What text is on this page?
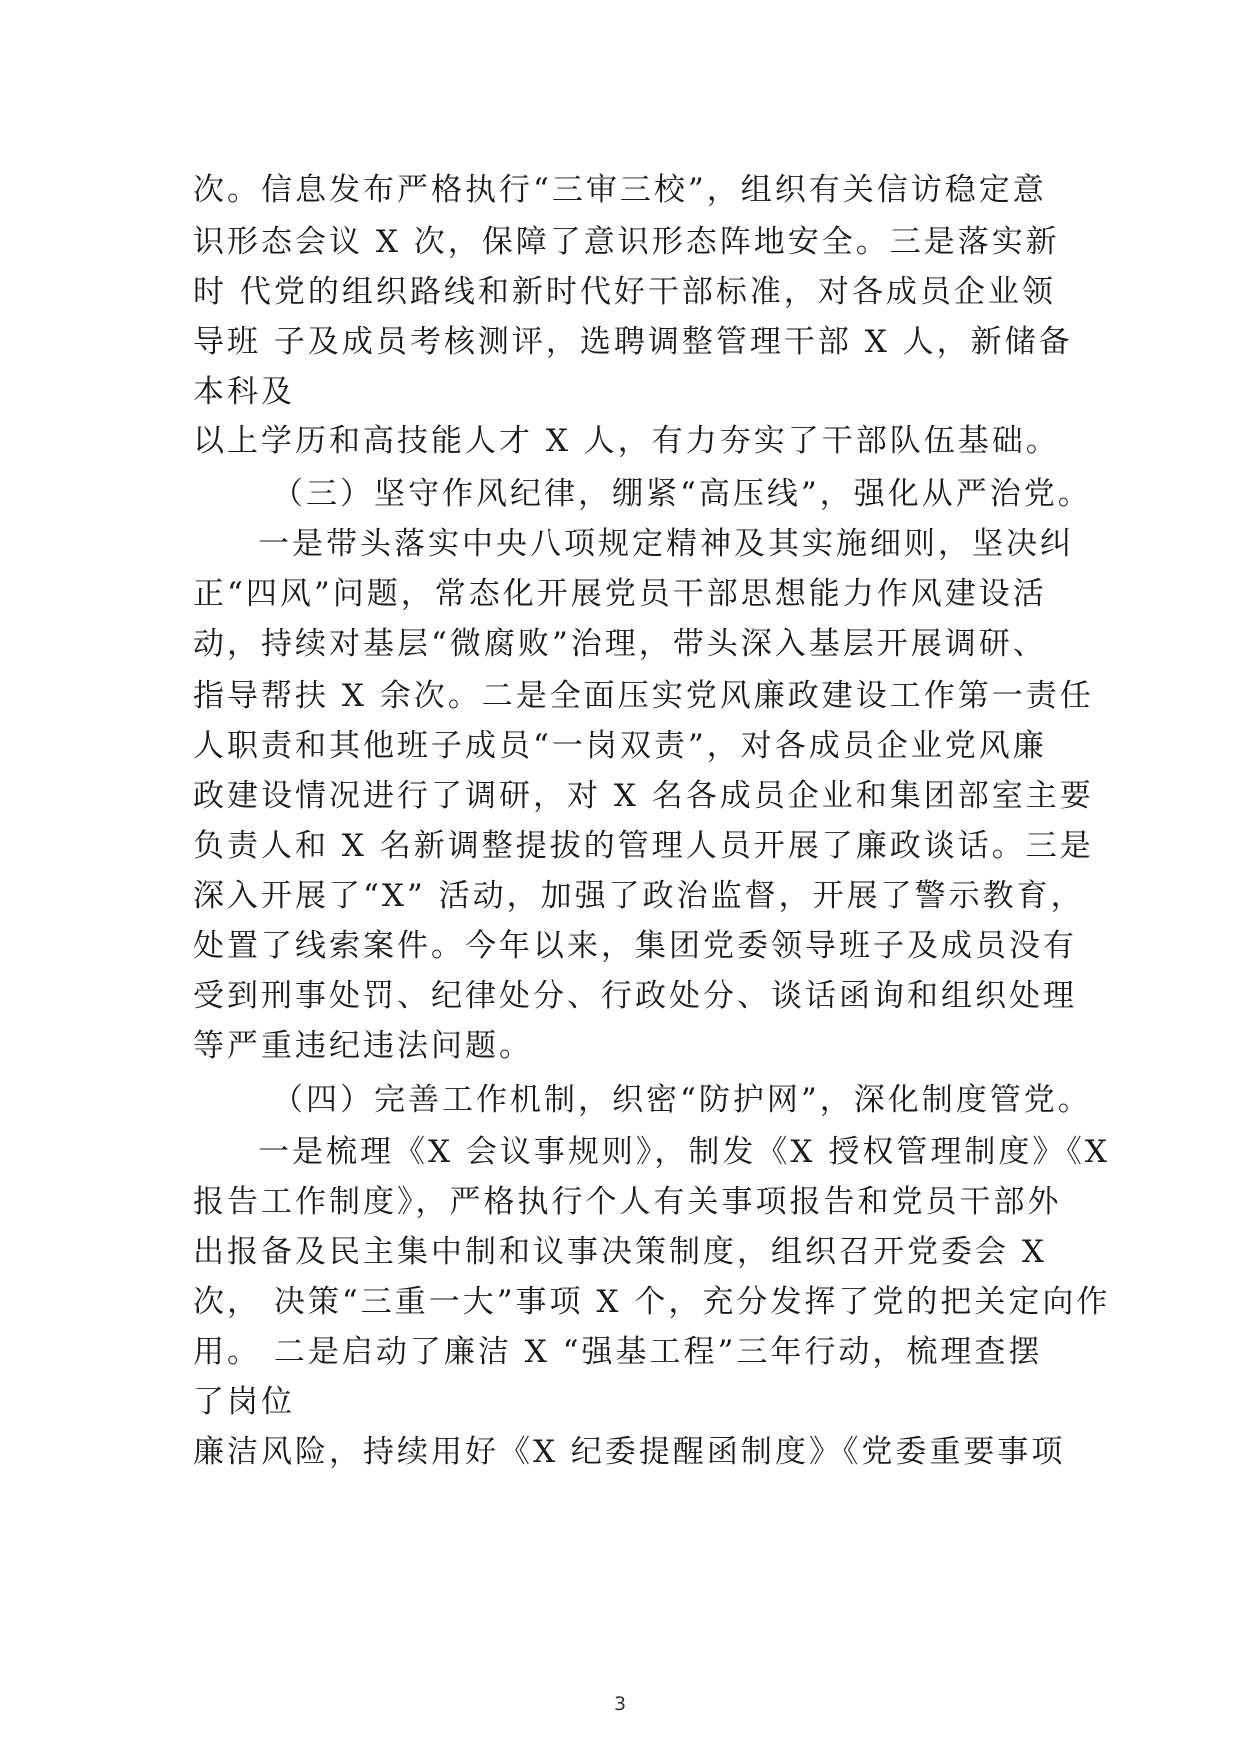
次。信息发布严格执行“三审三校”，组织有关信访稳定意
识形态会议 X 次，保障了意识形态阵地安全。三是落实新
时 代党的组织路线和新时代好干部标准，对各成员企业领
导班 子及成员考核测评，选聘调整管理干部 X 人，新储备
本科及
以上学历和高技能人才 X 人，有力夯实了干部队伍基础。
（三）坚守作风纪律，绷紧“高压线”，强化从严治党。
一是带头落实中央八项规定精神及其实施细则，坚决纠
正“四风”问题，常态化开展党员干部思想能力作风建设活
动，持续对基层“微腐败”治理，带头深入基层开展调研、
指导帮扶 X 余次。二是全面压实党风廉政建设工作第一责任
人职责和其他班子成员“一岗双责”，对各成员企业党风廉
政建设情况进行了调研，对 X 名各成员企业和集团部室主要
负责人和 X 名新调整提拔的管理人员开展了廉政谈话。三是
深入开展了“X” 活动，加强了政治监督，开展了警示教育，
处置了线索案件。今年以来，集团党委领导班子及成员没有
受到刑事处罚、纪律处分、行政处分、谈话函询和组织处理
等严重违纪违法问题。
（四）完善工作机制，织密“防护网”，深化制度管党。
一是梳理《X 会议事规则》，制发《X 授权管理制度》《X
报告工作制度》，严格执行个人有关事项报告和党员干部外
出报备及民主集中制和议事决策制度，组织召开党委会 X
次， 决策“三重一大”事项 X 个，充分发挥了党的把关定向作
用。 二是启动了廉洁 X “强基工程”三年行动，梳理查摆
了岗位
廉洁风险，持续用好《X 纪委提醒函制度》《党委重要事项
3
